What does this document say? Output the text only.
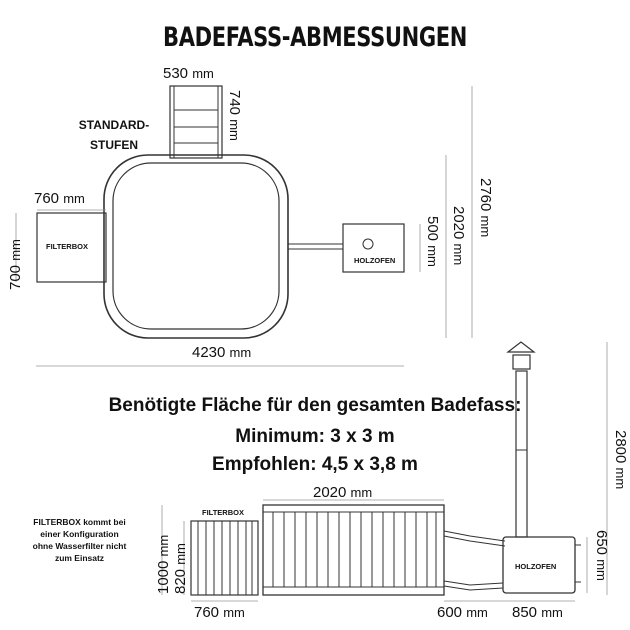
BADEFASS-ABMESSUNGEN
STANDARD-
STUFEN
530 mm
740 mm
760 mm
700 mm	FILTERBOX
HOLZOFEN
500 mm
2020 mm
2760 mm
4230 mm
Benötigte Fläche für den gesamten Badefass:
Minimum: 3 x 3 m
Empfohlen: 4,5 x 3,8 m
FILTERBOX kommt bei
einer Konfiguration
ohne Wasserfilter nicht
zum Einsatz
FILTERBOX
HOLZOFEN
2020 mm
1000 mm
820 mm
760 mm	600 mm 850 mm
650 mm
2800 mm
